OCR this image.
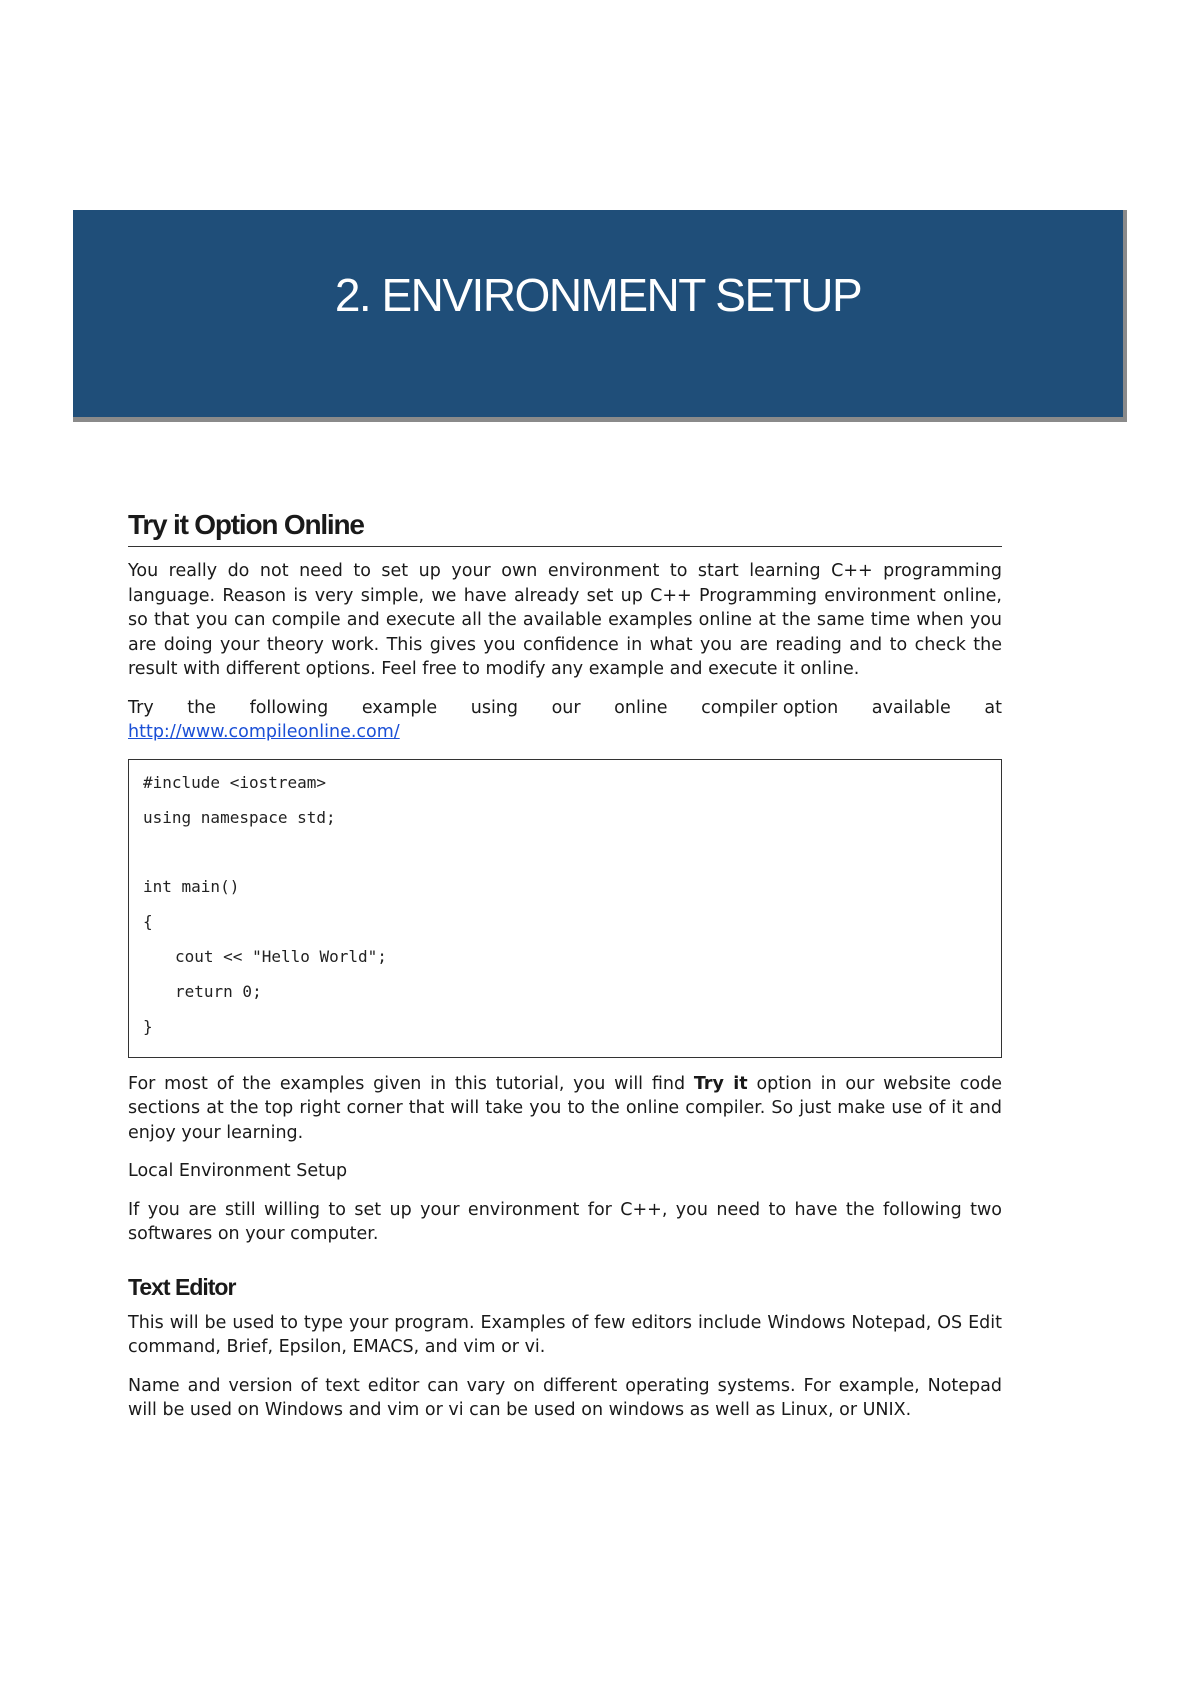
2. ENVIRONMENT SETUP
Try it Option Online

You really do not need to set up your own environment to start learning C++ programming language. Reason is very simple, we have already set up C++ Programming environment online, so that you can compile and execute all the available examples online at the same time when you are doing your theory work. This gives you confidence in what you are reading and to check the result with different options. Feel free to modify any example and execute it online.

Try the following example using our online compiler option available at
http://www.compileonline.com/
#include <iostream>
using namespace std;
int main()
{
cout << "Hello World";
return 0;
}

For most of the examples given in this tutorial, you will find Try it option in our website code sections at the top right corner that will take you to the online compiler. So just make use of it and enjoy your learning.

Local Environment Setup

If you are still willing to set up your environment for C++, you need to have the following two softwares on your computer.

Text Editor

This will be used to type your program. Examples of few editors include Windows Notepad, OS Edit command, Brief, Epsilon, EMACS, and vim or vi.

Name and version of text editor can vary on different operating systems. For example, Notepad will be used on Windows and vim or vi can be used on windows as well as Linux, or UNIX.
